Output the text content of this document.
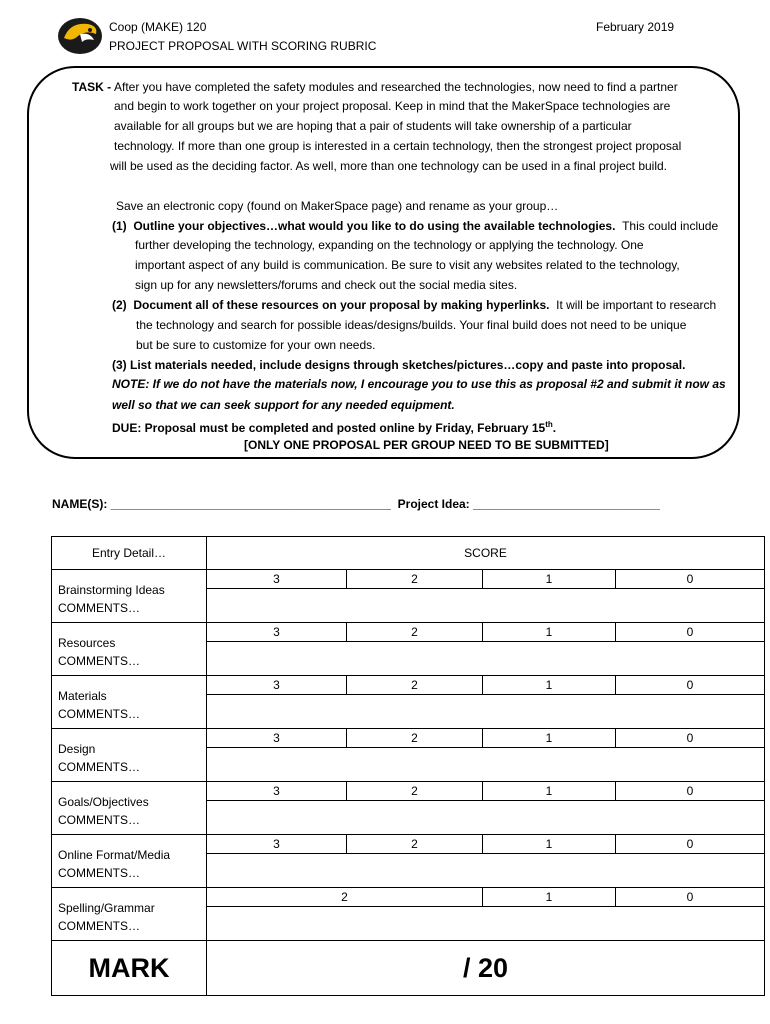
Coop (MAKE) 120	February 2019
PROJECT PROPOSAL WITH SCORING RUBRIC
TASK - After you have completed the safety modules and researched the technologies, now need to find a partner
and begin to work together on your project proposal. Keep in mind that the MakerSpace technologies are
available for all groups but we are hoping that a pair of students will take ownership of a particular
technology. If more than one group is interested in a certain technology, then the strongest project proposal
will be used as the deciding factor. As well, more than one technology can be used in a final project build.
Save an electronic copy (found on MakerSpace page) and rename as your group…
(1) Outline your objectives…what would you like to do using the available technologies. This could include
further developing the technology, expanding on the technology or applying the technology. One
important aspect of any build is communication. Be sure to visit any websites related to the technology,
sign up for any newsletters/forums and check out the social media sites.
(2) Document all of these resources on your proposal by making hyperlinks. It will be important to research
the technology and search for possible ideas/designs/builds. Your final build does not need to be unique
but be sure to customize for your own needs.
(3) List materials needed, include designs through sketches/pictures…copy and paste into proposal.
NOTE: If we do not have the materials now, I encourage you to use this as proposal #2 and submit it now as
well so that we can seek support for any needed equipment.
DUE: Proposal must be completed and posted online by Friday, February 15th.
[ONLY ONE PROPOSAL PER GROUP NEED TO BE SUBMITTED]
NAME(S): __________________________________________ Project Idea: ____________________________
Entry Detail…	SCORE			
Brainstorming Ideas
COMMENTS…	3	2	1	0

Resources
COMMENTS…	3	2	1	0

Materials
COMMENTS…	3	2	1	0

Design
COMMENTS…	3	2	1	0

Goals/Objectives
COMMENTS…	3	2	1	0

Online Format/Media
COMMENTS…	3	2	1	0

Spelling/Grammar
COMMENTS…	2		1	0

MARK	/ 20			
